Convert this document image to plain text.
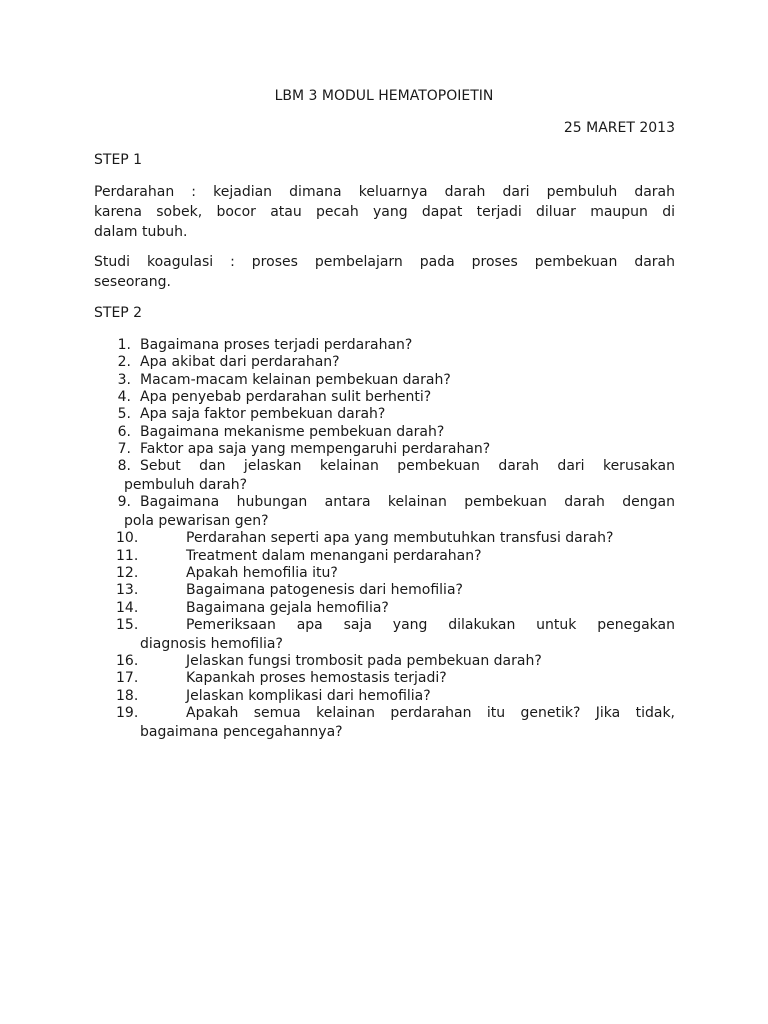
LBM 3 MODUL HEMATOPOIETIN
25 MARET 2013
STEP 1
Perdarahan : kejadian dimana keluarnya darah dari pembuluh darah
karena sobek, bocor atau pecah yang dapat terjadi diluar maupun di
dalam tubuh.
Studi koagulasi : proses pembelajarn pada proses pembekuan darah
seseorang.
STEP 2
1. Bagaimana proses terjadi perdarahan?
2. Apa akibat dari perdarahan?
3. Macam-macam kelainan pembekuan darah?
4. Apa penyebab perdarahan sulit berhenti?
5. Apa saja faktor pembekuan darah?
6. Bagaimana mekanisme pembekuan darah?
7. Faktor apa saja yang mempengaruhi perdarahan?
8. Sebut dan jelaskan kelainan pembekuan darah dari kerusakan
pembuluh darah?
9. Bagaimana hubungan antara kelainan pembekuan darah dengan
pola pewarisan gen?
10.	Perdarahan seperti apa yang membutuhkan transfusi darah?
11.	Treatment dalam menangani perdarahan?
12.	Apakah hemofilia itu?
13.	Bagaimana patogenesis dari hemofilia?
14.	Bagaimana gejala hemofilia?
15.	Pemeriksaan apa saja yang dilakukan untuk penegakan
diagnosis hemofilia?
16.	Jelaskan fungsi trombosit pada pembekuan darah?
17.	Kapankah proses hemostasis terjadi?
18.	Jelaskan komplikasi dari hemofilia?
19.	Apakah semua kelainan perdarahan itu genetik? Jika tidak,
bagaimana pencegahannya?
